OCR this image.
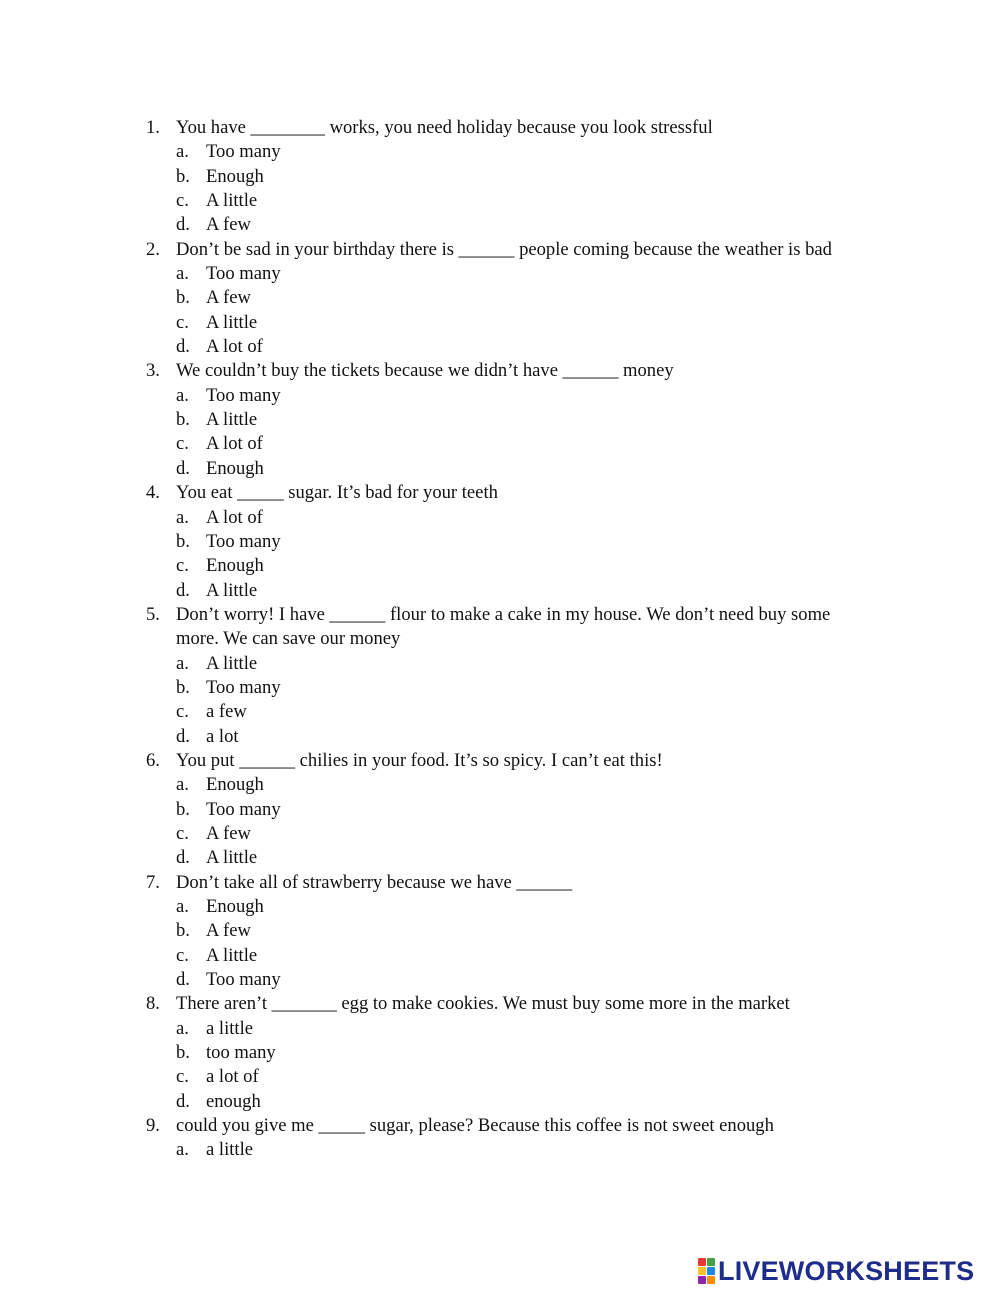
1. You have ________ works, you need holiday because you look stressful
a. Too many
b. Enough
c. A little
d. A few
2. Don’t be sad in your birthday there is ______ people coming because the weather is bad
a. Too many
b. A few
c. A little
d. A lot of
3. We couldn’t buy the tickets because we didn’t have ______ money
a. Too many
b. A little
c. A lot of
d. Enough
4. You eat _____ sugar. It’s bad for your teeth
a. A lot of
b. Too many
c. Enough
d. A little
5. Don’t worry! I have ______ flour to make a cake in my house. We don’t need buy some
more. We can save our money
a. A little
b. Too many
c. a few
d. a lot
6. You put ______ chilies in your food. It’s so spicy. I can’t eat this!
a. Enough
b. Too many
c. A few
d. A little
7. Don’t take all of strawberry because we have ______
a. Enough
b. A few
c. A little
d. Too many
8. There aren’t _______ egg to make cookies. We must buy some more in the market
a. a little
b. too many
c. a lot of
d. enough
9. could you give me _____ sugar, please? Because this coffee is not sweet enough
a. a little
LIVEWORKSHEETS
